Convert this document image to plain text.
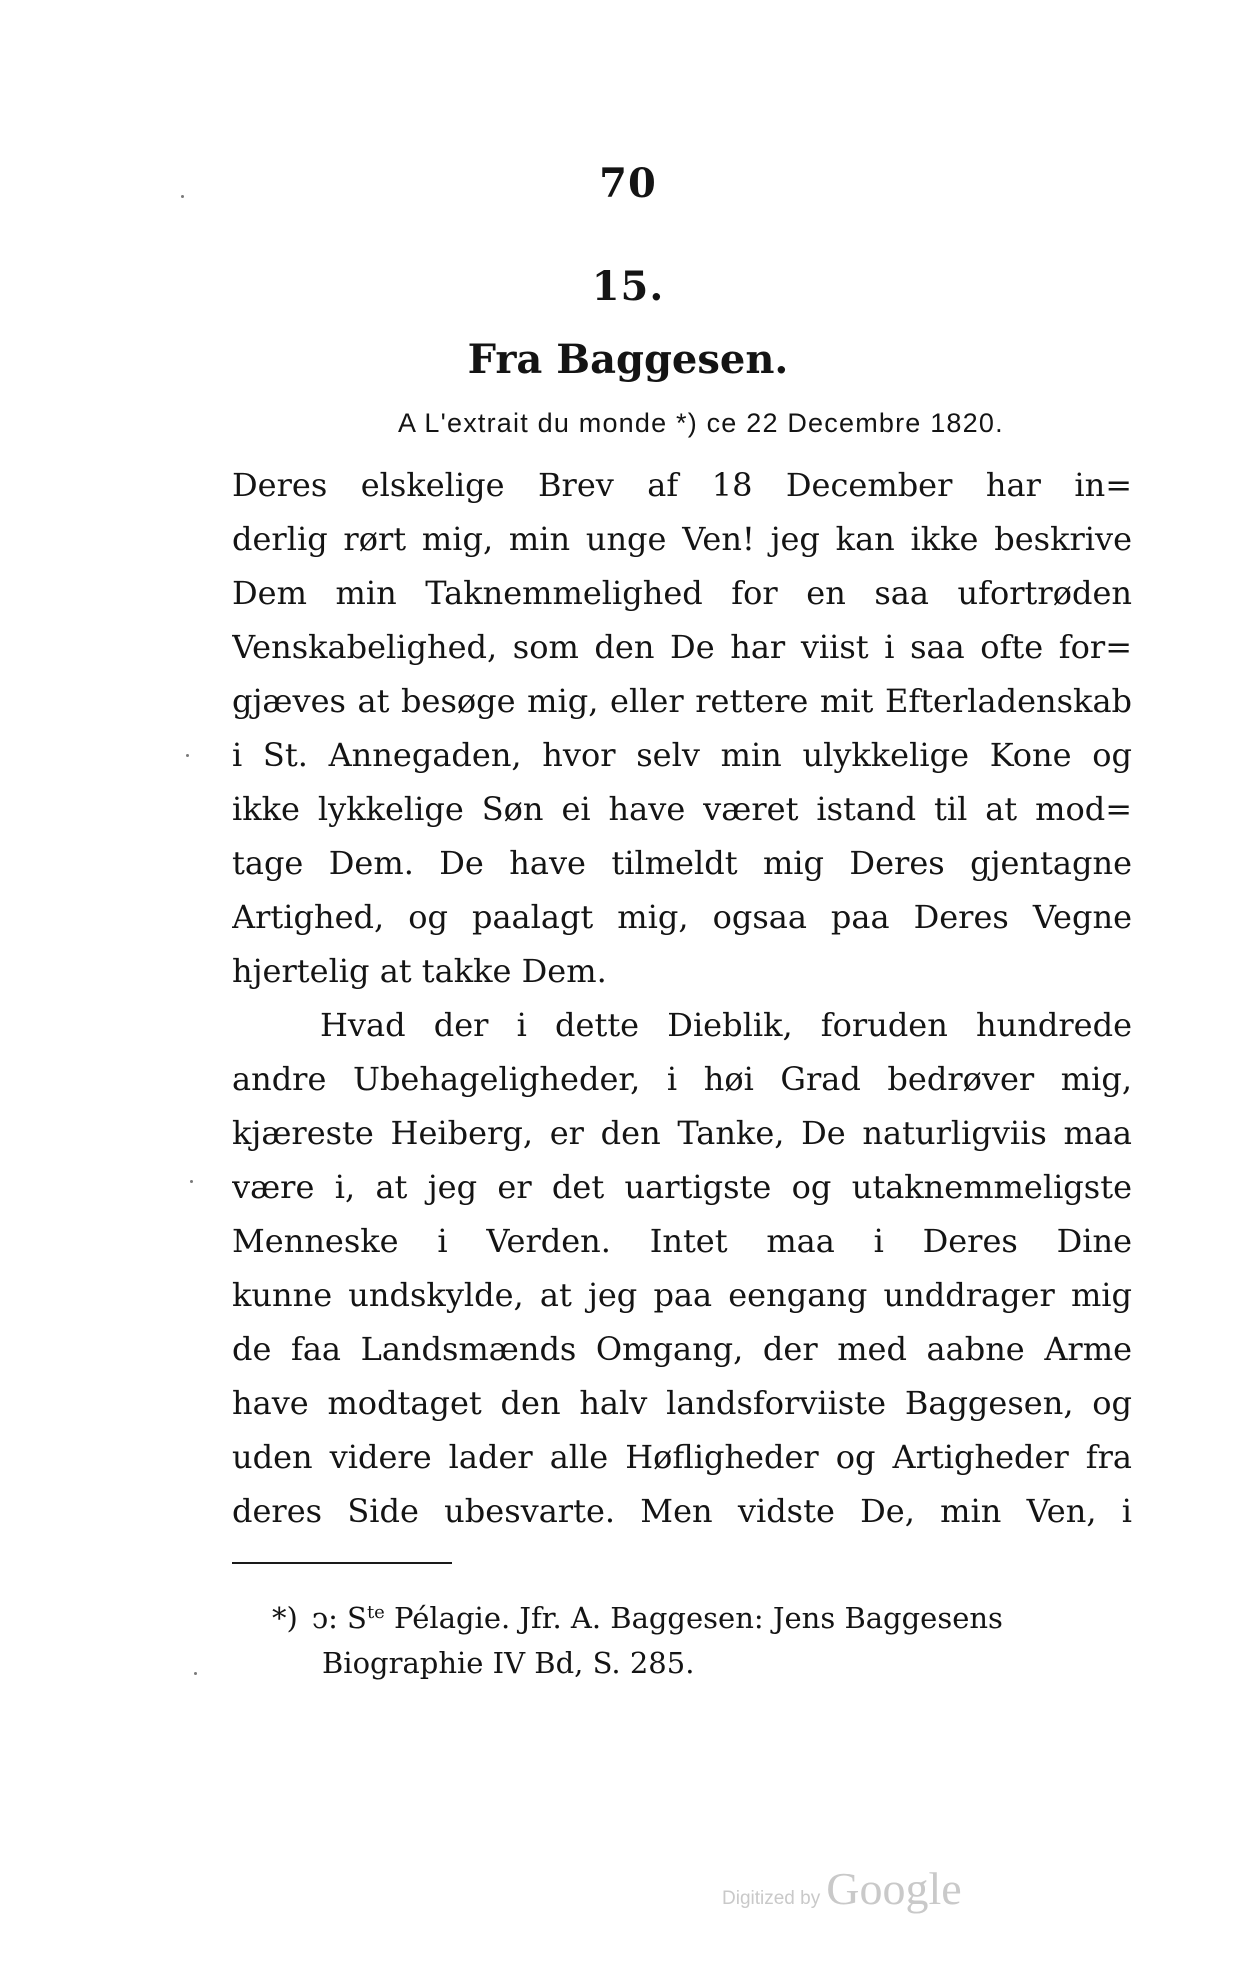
70
15.
Fra Baggesen.
A L'extrait du monde *) ce 22 Decembre 1820.
Deres elskelige Brev af 18 December har in=
derlig rørt mig, min unge Ven! jeg kan ikke beskrive
Dem min Taknemmelighed for en saa ufortrøden
Venskabelighed, som den De har viist i saa ofte for=
gjæves at besøge mig, eller rettere mit Efterladenskab
i St. Annegaden, hvor selv min ulykkelige Kone og
ikke lykkelige Søn ei have været istand til at mod=
tage Dem. De have tilmeldt mig Deres gjentagne
Artighed, og paalagt mig, ogsaa paa Deres Vegne
hjertelig at takke Dem.
Hvad der i dette Dieblik, foruden hundrede
andre Ubehageligheder, i høi Grad bedrøver mig,
kjæreste Heiberg, er den Tanke, De naturligviis maa
være i, at jeg er det uartigste og utaknemmeligste
Menneske i Verden. Intet maa i Deres Dine
kunne undskylde, at jeg paa eengang unddrager mig
de faa Landsmænds Omgang, der med aabne Arme
have modtaget den halv landsforviiste Baggesen, og
uden videre lader alle Høfligheder og Artigheder fra
deres Side ubesvarte. Men vidste De, min Ven, i
*) ↄ: S$^{te}$ Pélagie. Jfr. A. Baggesen: Jens Baggesens
Biographie IV Bd, S. 285.
Digitized by Google
